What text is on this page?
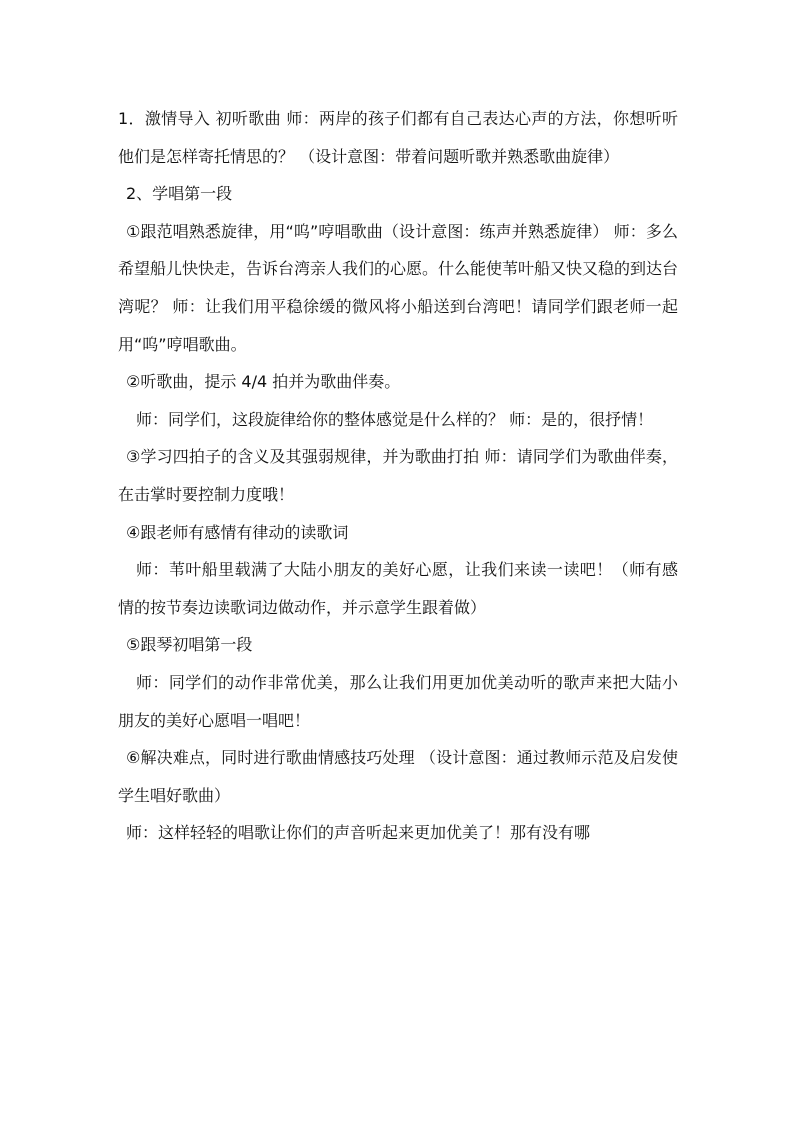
1．激情导入 初听歌曲 师：两岸的孩子们都有自己表达心声的方法，你想听听他们是怎样寄托情思的？ （设计意图：带着问题听歌并熟悉歌曲旋律）

2、学唱第一段

①跟范唱熟悉旋律，用“呜”哼唱歌曲（设计意图：练声并熟悉旋律） 师：多么希望船儿快快走，告诉台湾亲人我们的心愿。什么能使苇叶船又快又稳的到达台湾呢？ 师：让我们用平稳徐缓的微风将小船送到台湾吧！请同学们跟老师一起用“呜”哼唱歌曲。

②听歌曲，提示 4/4 拍并为歌曲伴奏。

师：同学们，这段旋律给你的整体感觉是什么样的？ 师：是的，很抒情！

③学习四拍子的含义及其强弱规律，并为歌曲打拍 师：请同学们为歌曲伴奏，在击掌时要控制力度哦！

④跟老师有感情有律动的读歌词

师：苇叶船里载满了大陆小朋友的美好心愿，让我们来读一读吧！（师有感情的按节奏边读歌词边做动作，并示意学生跟着做）

⑤跟琴初唱第一段

师：同学们的动作非常优美，那么让我们用更加优美动听的歌声来把大陆小朋友的美好心愿唱一唱吧！

⑥解决难点，同时进行歌曲情感技巧处理 （设计意图：通过教师示范及启发使学生唱好歌曲）

师：这样轻轻的唱歌让你们的声音听起来更加优美了！那有没有哪
